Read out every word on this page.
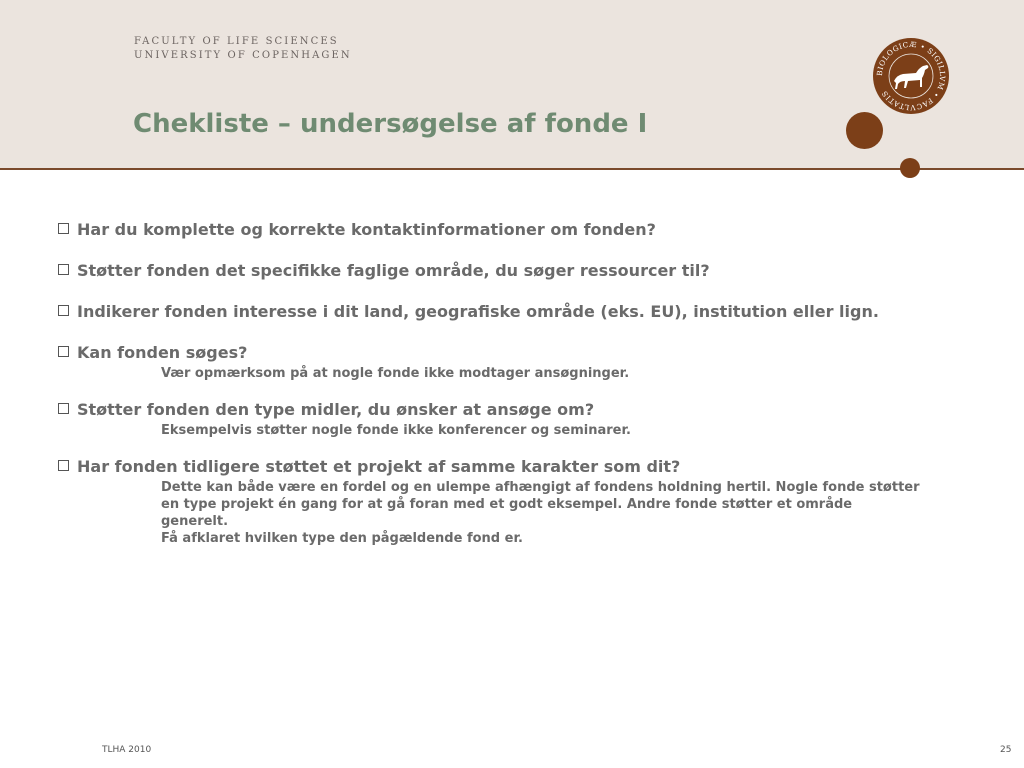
FACULTY OF LIFE SCIENCES
UNIVERSITY OF COPENHAGEN
Chekliste – undersøgelse af fonde I
BIOLOGICÆ • SIGILLVM • FACVLTATIS
Har du komplette og korrekte kontaktinformationer om fonden?
Støtter fonden det specifikke faglige område, du søger ressourcer til?
Indikerer fonden interesse i dit land, geografiske område (eks. EU), institution eller lign.
Kan fonden søges?
Vær opmærksom på at nogle fonde ikke modtager ansøgninger.
Støtter fonden den type midler, du ønsker at ansøge om?
Eksempelvis støtter nogle fonde ikke konferencer og seminarer.
Har fonden tidligere støttet et projekt af samme karakter som dit?
Dette kan både være en fordel og en ulempe afhængigt af fondens holdning hertil. Nogle fonde støtter en type projekt én gang for at gå foran med et godt eksempel. Andre fonde støtter et område generelt.
Få afklaret hvilken type den pågældende fond er.
TLHA 2010	25
